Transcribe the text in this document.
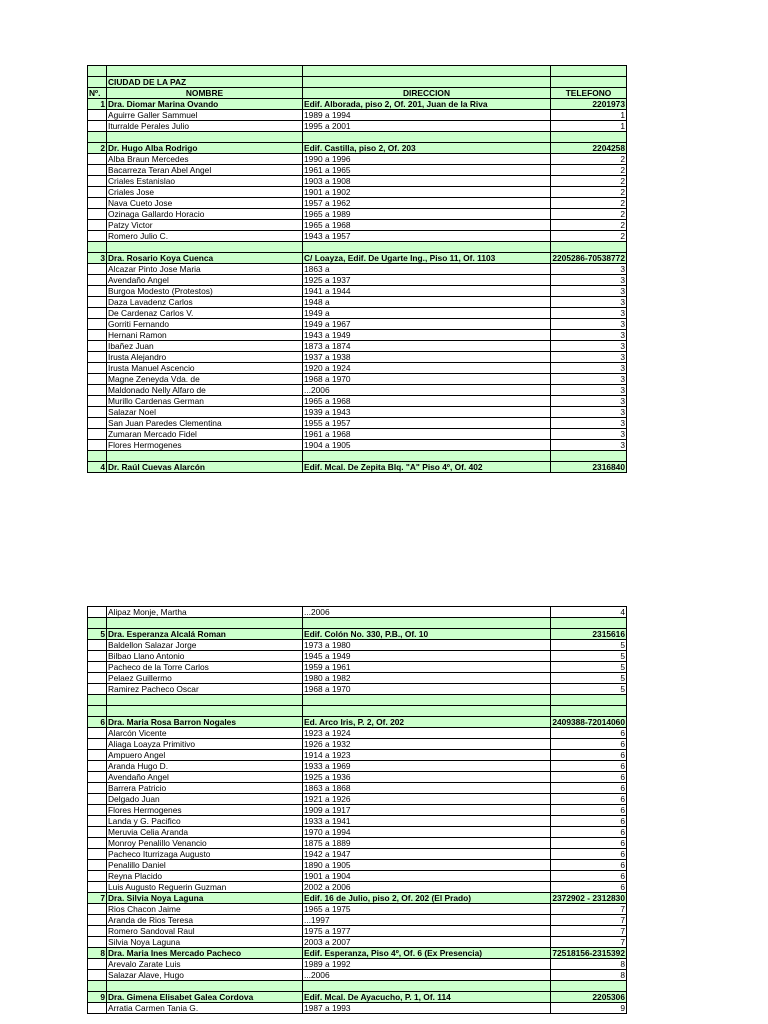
	CIUDAD DE LA PAZ		
Nº.	NOMBRE	DIRECCION	TELEFONO
1	Dra. Diomar Marina Ovando	Edif. Alborada, piso 2, Of. 201, Juan de la Riva	2201973
	Aguirre Galler Sammuel	1989 a 1994	1
	Iturralde Perales Julio	1995 a 2001	1

2	Dr. Hugo Alba Rodrigo	Edif. Castilla, piso 2, Of. 203	2204258
	Alba Braun Mercedes	1990 a 1996	2
	Bacarreza Teran Abel Angel	1961 a 1965	2
	Criales Estanislao	1903 a 1908	2
	Criales Jose	1901 a 1902	2
	Nava Cueto Jose	1957 a 1962	2
	Ozinaga Gallardo Horacio	1965 a 1989	2
	Patzy Victor	1965 a 1968	2
	Romero Julio C.	1943 a 1957	2

3	Dra. Rosario Koya Cuenca	C/ Loayza, Edif. De Ugarte Ing., Piso 11, Of. 1103	2205286-70538772
	Alcazar Pinto Jose Maria	1863 a	3
	Avendaño Angel	1925 a 1937	3
	Burgoa Modesto (Protestos)	1941 a 1944	3
	Daza Lavadenz Carlos	1948 a	3
	De Cardenaz Carlos V.	1949 a	3
	Gorriti Fernando	1949 a 1967	3
	Hernani Ramon	1943 a 1949	3
	Ibañez Juan	1873 a 1874	3
	Irusta Alejandro	1937 a 1938	3
	Irusta Manuel Ascencio	1920 a 1924	3
	Magne Zeneyda Vda. de	1968 a 1970	3
	Maldonado Nelly Alfaro de	...2006	3
	Murillo Cardenas German	1965 a 1968	3
	Salazar Noel	1939 a 1943	3
	San Juan Paredes Clementina	1955 a 1957	3
	Zumaran Mercado Fidel	1961 a 1968	3
	Flores Hermogenes	1904 a 1905	3

4	Dr. Raúl Cuevas Alarcón	Edif. Mcal. De Zepita Blq. "A" Piso 4º, Of. 402	2316840
	Alipaz Monje, Martha	...2006	4

5	Dra. Esperanza Alcalá Roman	Edif. Colón No. 330, P.B., Of. 10	2315616
	Baldellon Salazar Jorge	1973 a 1980	5
	Bilbao Llano Antonio	1945 a 1949	5
	Pacheco de la Torre Carlos	1959 a 1961	5
	Pelaez Guillermo	1980 a 1982	5
	Ramirez Pacheco Oscar	1968 a 1970	5

6	Dra. Maria Rosa Barron Nogales	Ed. Arco Iris, P. 2, Of. 202	2409388-72014060
	Alarcón Vicente	1923 a 1924	6
	Aliaga Loayza Primitivo	1926 a 1932	6
	Ampuero Angel	1914 a 1923	6
	Aranda Hugo D.	1933 a 1969	6
	Avendaño Angel	1925 a 1936	6
	Barrera Patricio	1863 a 1868	6
	Delgado Juan	1921 a 1926	6
	Flores Hermogenes	1909 a 1917	6
	Landa y G. Pacifico	1933 a 1941	6
	Meruvia Celia Aranda	1970 a 1994	6
	Monroy Penalillo Venancio	1875 a 1889	6
	Pacheco Iturrizaga Augusto	1942 a 1947	6
	Penalillo Daniel	1890 a 1905	6
	Reyna Placido	1901 a 1904	6
	Luis Augusto Reguerin Guzman	2002 a 2006	6
7	Dra. Silvia Noya Laguna	Edif. 16 de Julio, piso 2, Of. 202 (El Prado)	2372902 - 2312830
	Rios Chacon Jaime	1965 a 1975	7
	Aranda de Rios Teresa	...1997	7
	Romero Sandoval Raul	1975 a 1977	7
	Silvia Noya Laguna	2003 a 2007	7
8	Dra. Maria Ines Mercado Pacheco	Edif. Esperanza, Piso 4º, Of. 6 (Ex Presencia)	72518156-2315392
	Arevalo Zarate Luis	1989 a 1992	8
	Salazar Alave, Hugo	...2006	8

9	Dra. Gimena Elisabet Galea Cordova	Edif. Mcal. De Ayacucho, P. 1, Of. 114	2205306
	Arratia Carmen Tania G.	1987 a 1993	9
